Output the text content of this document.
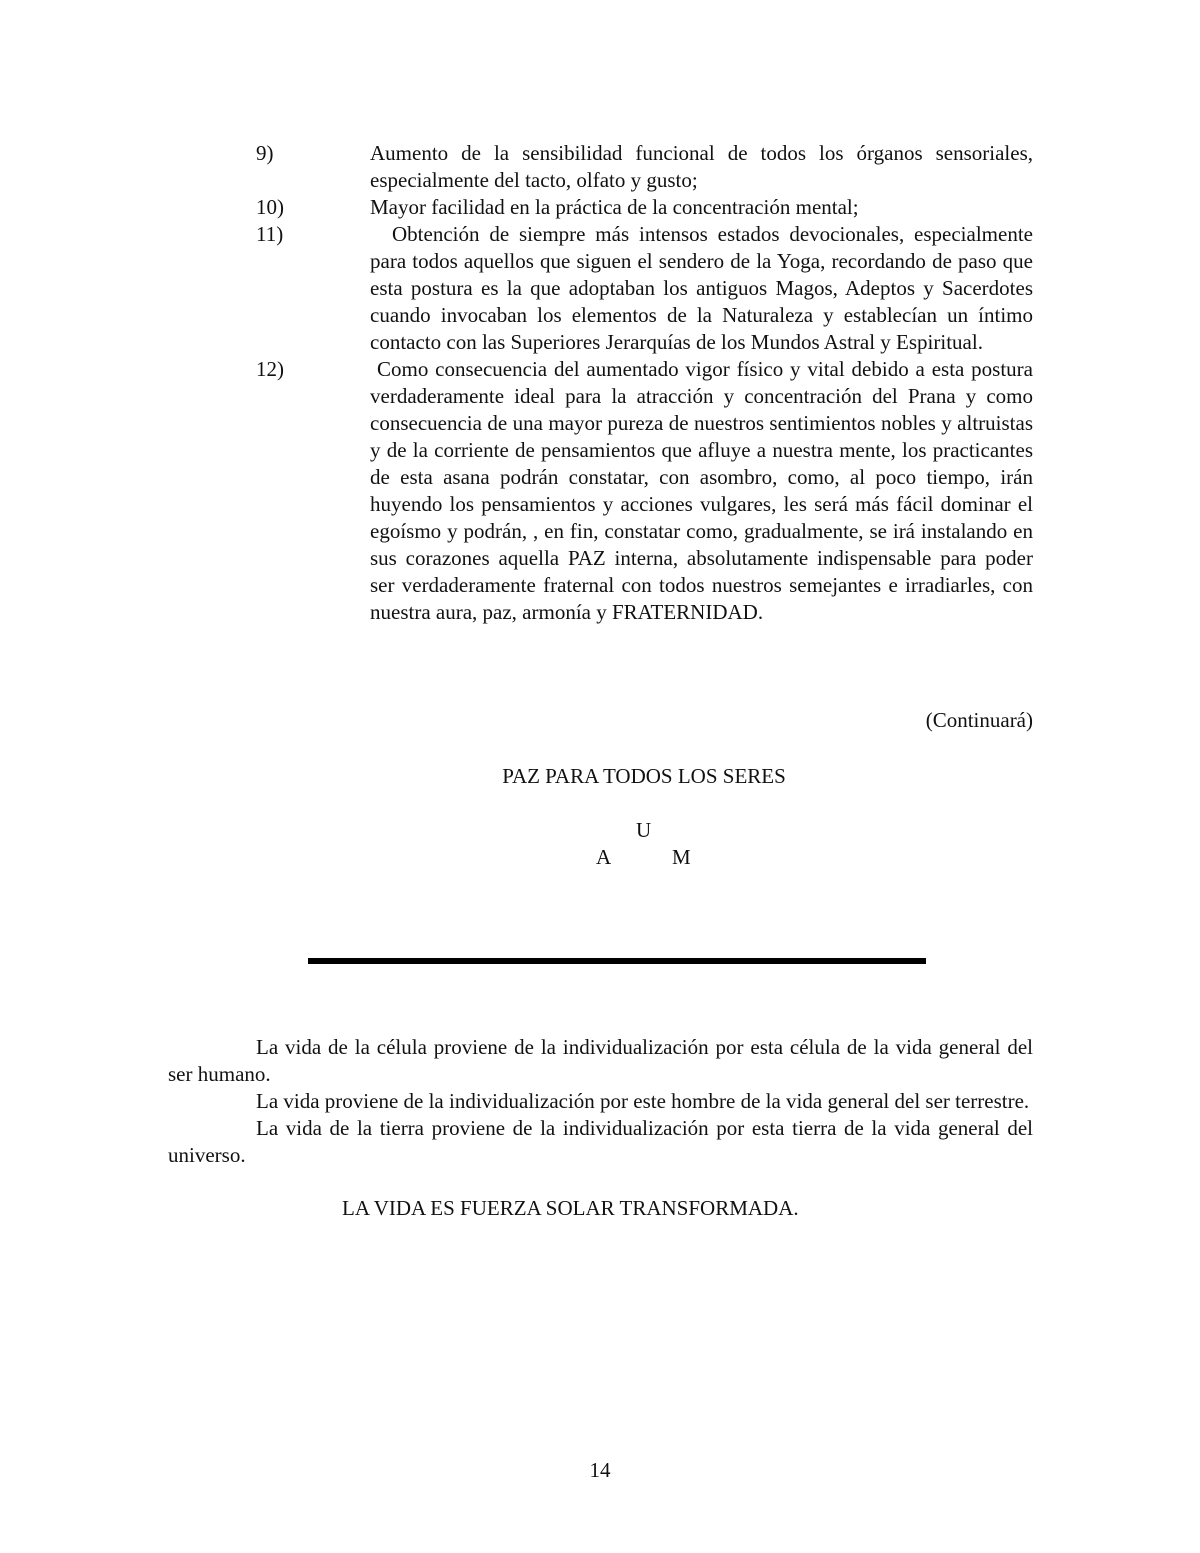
9)	Aumento de la sensibilidad funcional de todos los órganos sensoriales, especialmente del tacto, olfato y gusto;
10)	Mayor facilidad en la práctica de la concentración mental;
11)	Obtención de siempre más intensos estados devocionales, especialmente para todos aquellos que siguen el sendero de la Yoga, recordando de paso que esta postura es la que adoptaban los antiguos Magos, Adeptos y Sacerdotes cuando invocaban los elementos de la Naturaleza y establecían un íntimo contacto con las Superiores Jerarquías de los Mundos Astral y Espiritual.
12)	Como consecuencia del aumentado vigor físico y vital debido a esta postura verdaderamente ideal para la atracción y concentración del Prana y como consecuencia de una mayor pureza de nuestros sentimientos nobles y altruistas y de la corriente de pensamientos que afluye a nuestra mente, los practicantes de esta asana podrán constatar, con asombro, como, al poco tiempo, irán huyendo los pensamientos y acciones vulgares, les será más fácil dominar el egoísmo y podrán, , en fin, constatar como, gradualmente, se irá instalando en sus corazones aquella PAZ interna, absolutamente indispensable para poder ser verdaderamente fraternal con todos nuestros semejantes e irradiarles, con nuestra aura, paz, armonía y FRATERNIDAD.
(Continuará)
PAZ PARA TODOS LOS SERES
U
A	M

La vida de la célula proviene de la individualización por esta célula de la vida general del ser humano.

La vida proviene de la individualización por este hombre de la vida general del ser terrestre.

La vida de la tierra proviene de la individualización por esta tierra de la vida general del universo.

LA VIDA ES FUERZA SOLAR TRANSFORMADA.
14
